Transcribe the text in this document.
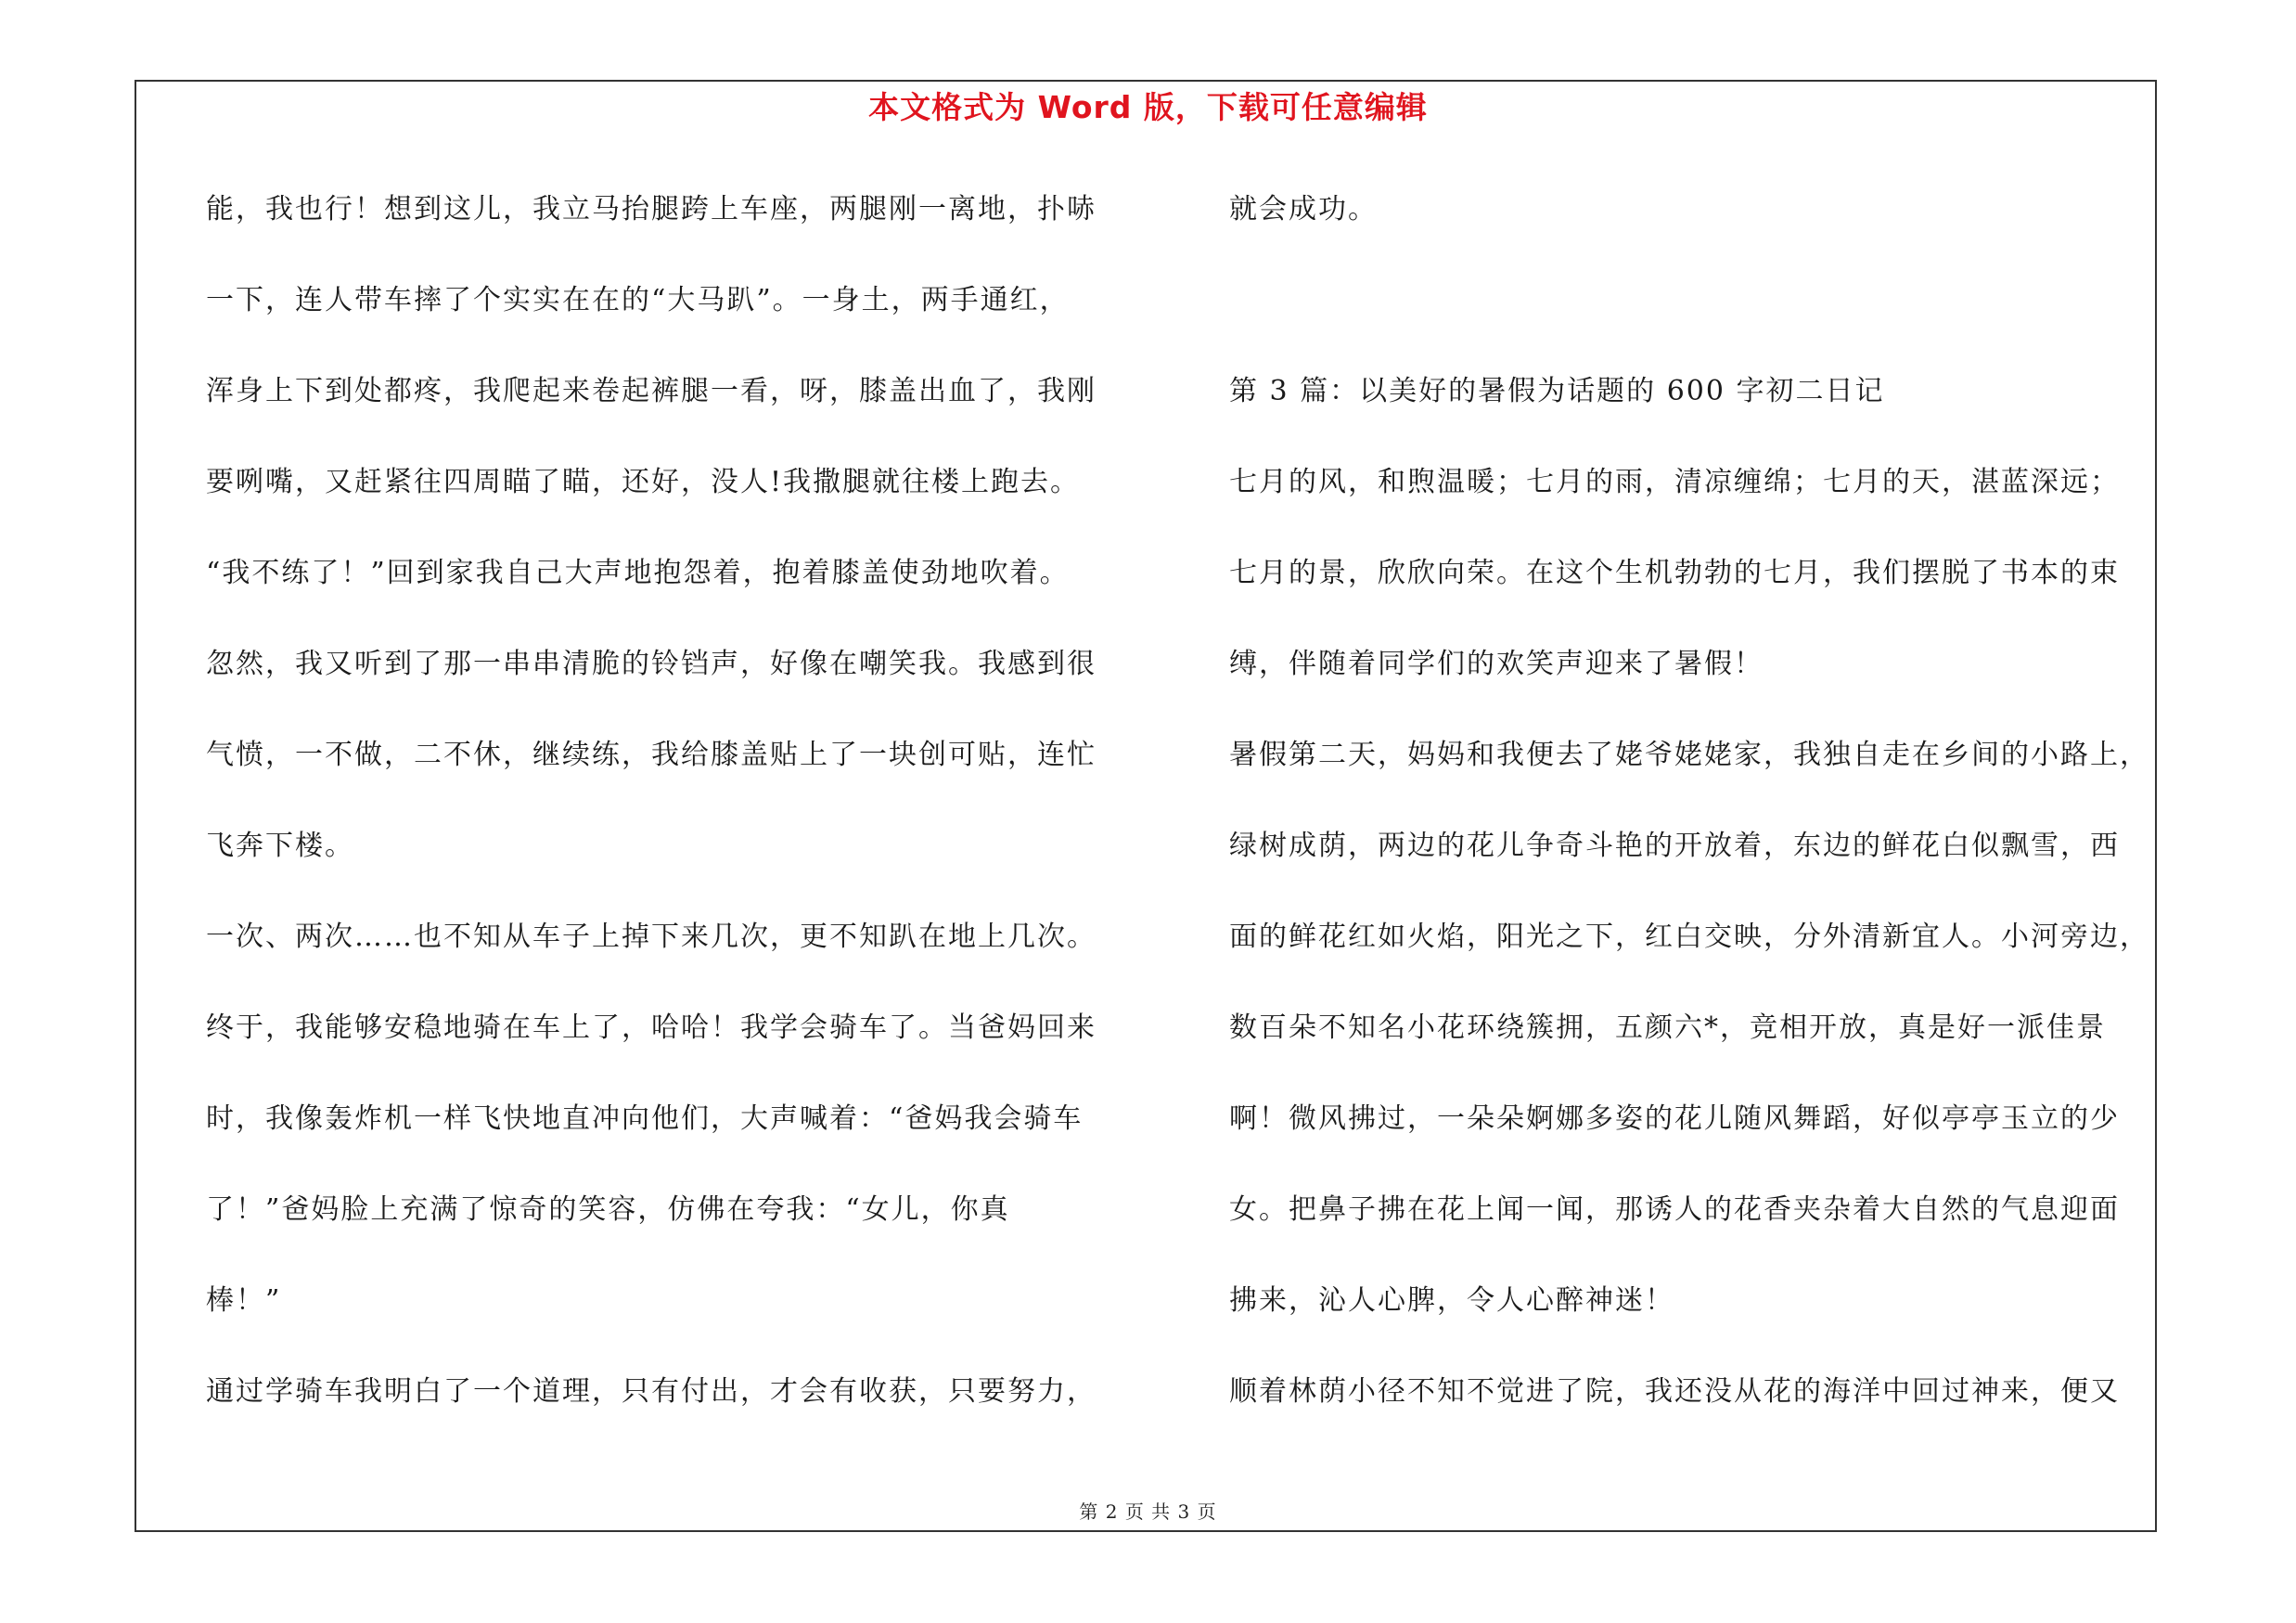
本文格式为 Word 版，下载可任意编辑
能，我也行！想到这儿，我立马抬腿跨上车座，两腿刚一离地，扑哧
一下，连人带车摔了个实实在在的“大马趴”。一身土，两手通红，
浑身上下到处都疼，我爬起来卷起裤腿一看，呀，膝盖出血了，我刚
要咧嘴，又赶紧往四周瞄了瞄，还好，没人!我撒腿就往楼上跑去。
“我不练了！”回到家我自己大声地抱怨着，抱着膝盖使劲地吹着。
忽然，我又听到了那一串串清脆的铃铛声，好像在嘲笑我。我感到很
气愤，一不做，二不休，继续练，我给膝盖贴上了一块创可贴，连忙
飞奔下楼。
一次、两次……也不知从车子上掉下来几次，更不知趴在地上几次。
终于，我能够安稳地骑在车上了，哈哈！我学会骑车了。当爸妈回来
时，我像轰炸机一样飞快地直冲向他们，大声喊着：“爸妈我会骑车
了！”爸妈脸上充满了惊奇的笑容，仿佛在夸我：“女儿，你真
棒！”
通过学骑车我明白了一个道理，只有付出，才会有收获，只要努力，
就会成功。
第 3 篇：以美好的暑假为话题的 600 字初二日记
七月的风，和煦温暖；七月的雨，清凉缠绵；七月的天，湛蓝深远；
七月的景，欣欣向荣。在这个生机勃勃的七月，我们摆脱了书本的束
缚，伴随着同学们的欢笑声迎来了暑假！
暑假第二天，妈妈和我便去了姥爷姥姥家，我独自走在乡间的小路上，
绿树成荫，两边的花儿争奇斗艳的开放着，东边的鲜花白似飘雪，西
面的鲜花红如火焰，阳光之下，红白交映，分外清新宜人。小河旁边，
数百朵不知名小花环绕簇拥，五颜六*，竞相开放，真是好一派佳景
啊！微风拂过，一朵朵婀娜多姿的花儿随风舞蹈，好似亭亭玉立的少
女。把鼻子拂在花上闻一闻，那诱人的花香夹杂着大自然的气息迎面
拂来，沁人心脾，令人心醉神迷！
顺着林荫小径不知不觉进了院，我还没从花的海洋中回过神来，便又
第 2 页 共 3 页
